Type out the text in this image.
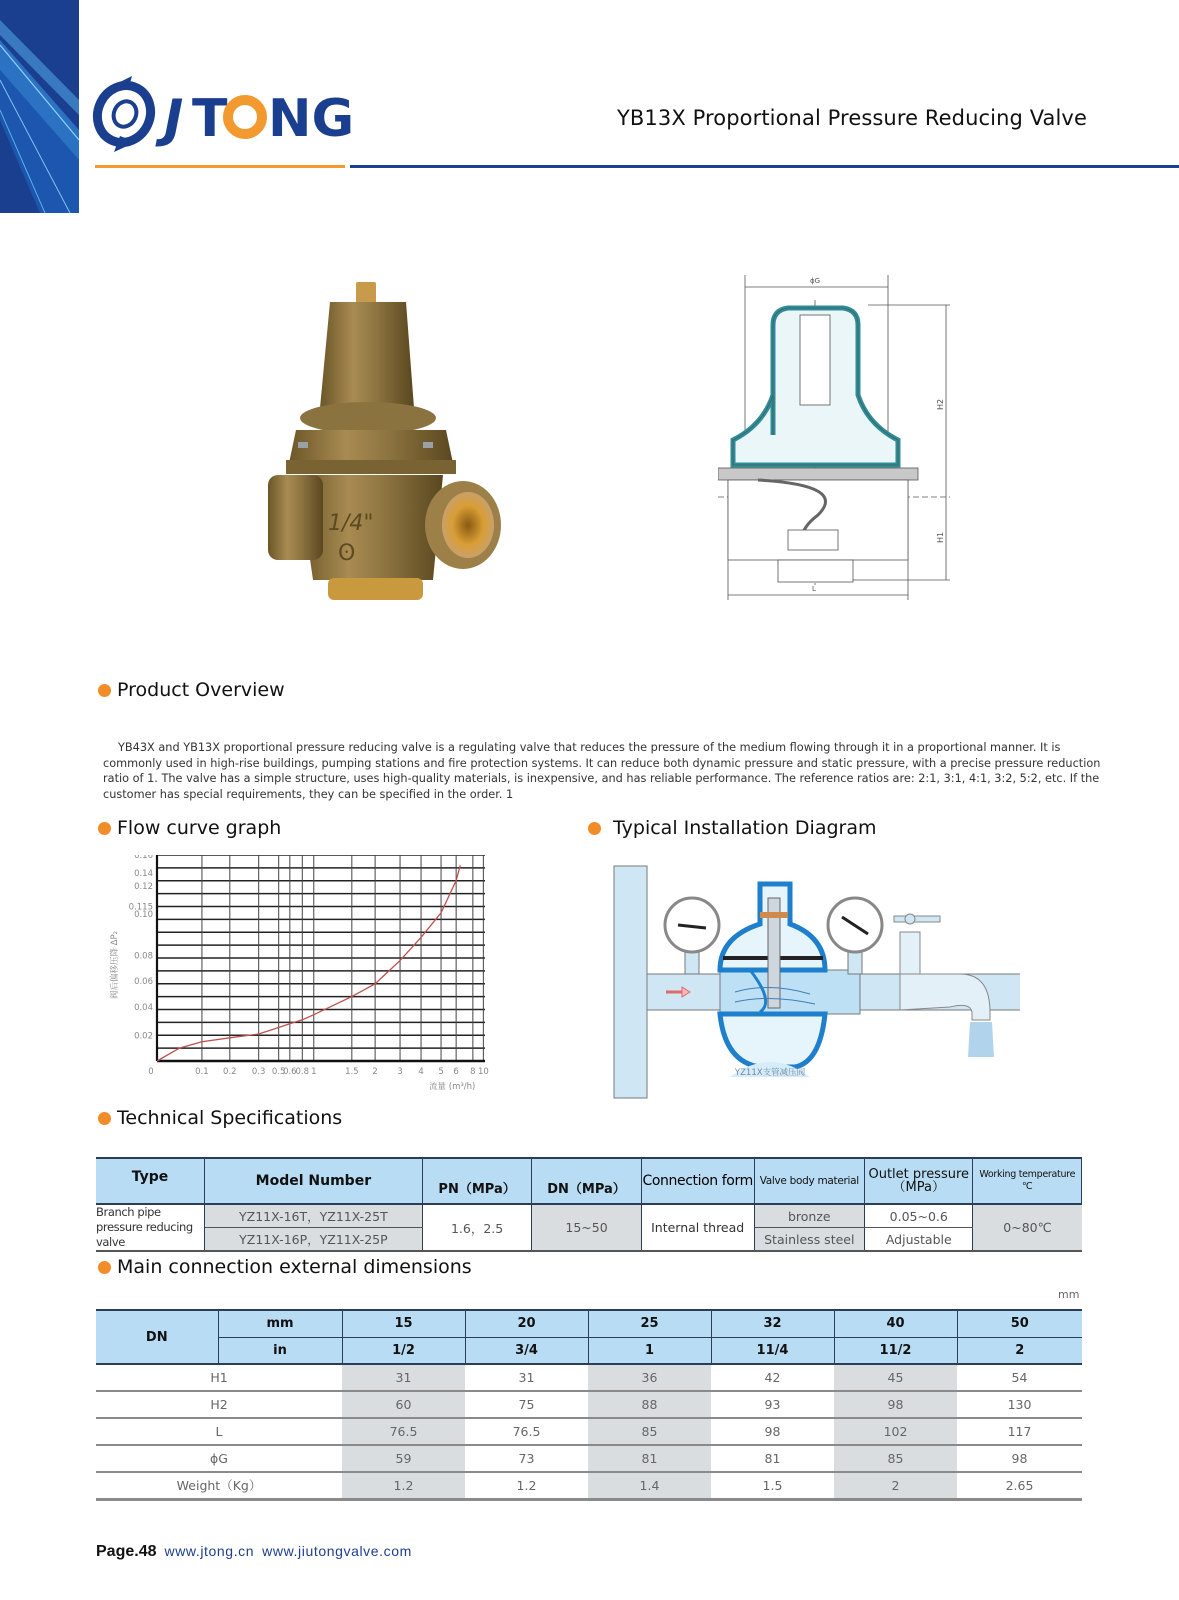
J T NG	YB13X Proportional Pressure Reducing Valve
1/4"
ʘ
ϕG
H2
H1
L
Product Overview

YB43X and YB13X proportional pressure reducing valve is a regulating valve that reduces the pressure of the medium flowing through it in a proportional manner. It is commonly used in high-rise buildings, pumping stations and fire protection systems. It can reduce both dynamic pressure and static pressure, with a precise pressure reduction ratio of 1. The valve has a simple structure, uses high-quality materials, is inexpensive, and has reliable performance. The reference ratios are: 2:1, 3:1, 4:1, 3:2, 5:2, etc. If the customer has special requirements, they can be specified in the order. 1

Flow curve graph
0	0.1 0.2 0.3 0.5
0.6
0.8 1	1.5 2 3 4 5 6 8 10
0.16
0.14
0.12
0.115
0.10
0.08
0.06
0.04
0.02
阀后偏移压降 ΔP₂
流量 (m³/h)
Typical Installation Diagram
YZ11X支管减压阀
Technical Specifications
Type	Model Number	PN（MPa）	DN（MPa）	Connection form	Valve body material	Outlet pressure（MPa）	Working temperature ℃
Branch pipe pressure reducing valve	YZ11X-16T，YZ11X-25T	1.6，2.5	15~50	Internal thread	bronze	0.05~0.6	0~80℃
	YZ11X-16P，YZ11X-25P				Stainless steel	Adjustable	
Main connection external dimensions
mm
DN	mm	15	20	25	32	40	50
	in	1/2	3/4	1	11/4	11/2	2
H1		31	31	36	42	45	54
H2		60	75	88	93	98	130
L		76.5	76.5	85	98	102	117
ϕG		59	73	81	81	85	98
Weight（Kg）		1.2	1.2	1.4	1.5	2	2.65
Page.48 www.jtong.cn www.jiutongvalve.com
